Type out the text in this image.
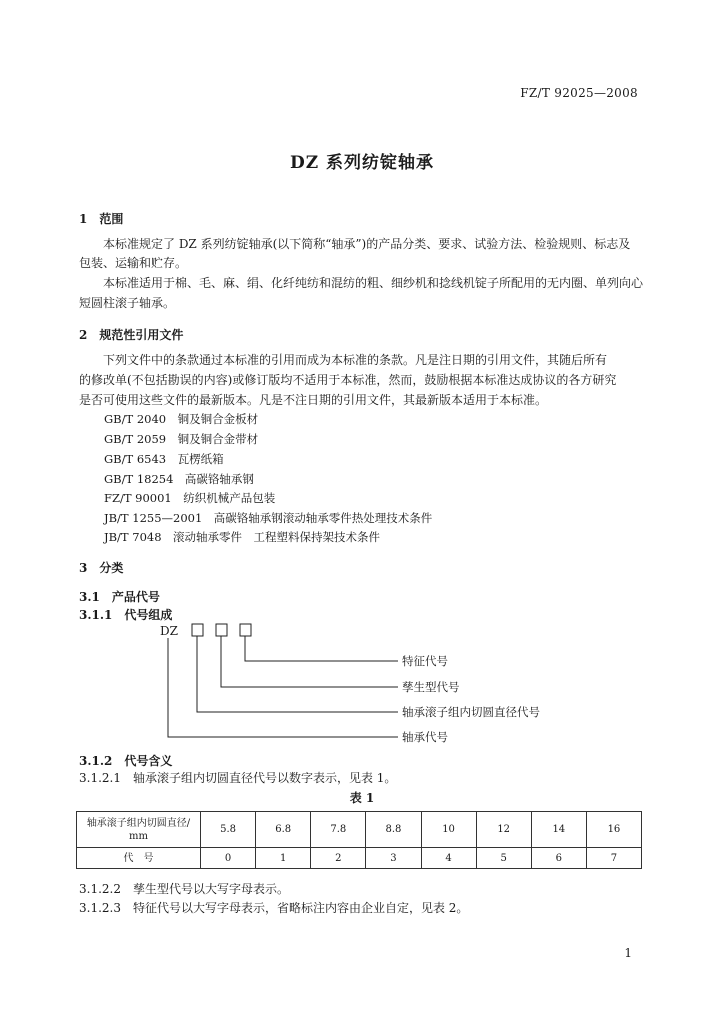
FZ/T 92025—2008
DZ 系列纺锭轴承
1　范围
本标准规定了 DZ 系列纺锭轴承(以下简称“轴承”)的产品分类、要求、试验方法、检验规则、标志及
包装、运输和贮存。
本标准适用于棉、毛、麻、绢、化纤纯纺和混纺的粗、细纱机和捻线机锭子所配用的无内圈、单列向心
短圆柱滚子轴承。
2　规范性引用文件
下列文件中的条款通过本标准的引用而成为本标准的条款。凡是注日期的引用文件，其随后所有
的修改单(不包括勘误的内容)或修订版均不适用于本标准，然而，鼓励根据本标准达成协议的各方研究
是否可使用这些文件的最新版本。凡是不注日期的引用文件，其最新版本适用于本标准。
GB/T 2040　铜及铜合金板材
GB/T 2059　铜及铜合金带材
GB/T 6543　瓦楞纸箱
GB/T 18254　高碳铬轴承钢
FZ/T 90001　纺织机械产品包装
JB/T 1255—2001　高碳铬轴承钢滚动轴承零件热处理技术条件
JB/T 7048　滚动轴承零件　工程塑料保持架技术条件
3　分类
3.1　产品代号
3.1.1　代号组成
DZ
特征代号
孳生型代号
轴承滚子组内切圆直径代号
轴承代号
3.1.2　代号含义
3.1.2.1　轴承滚子组内切圆直径代号以数字表示，见表 1。
表 1
轴承滚子组内切圆直径/
mm	5.8	6.8	7.8	8.8	10	12	14	16
代　号	0	1	2	3	4	5	6	7
3.1.2.2　孳生型代号以大写字母表示。
3.1.2.3　特征代号以大写字母表示，省略标注内容由企业自定，见表 2。
1
